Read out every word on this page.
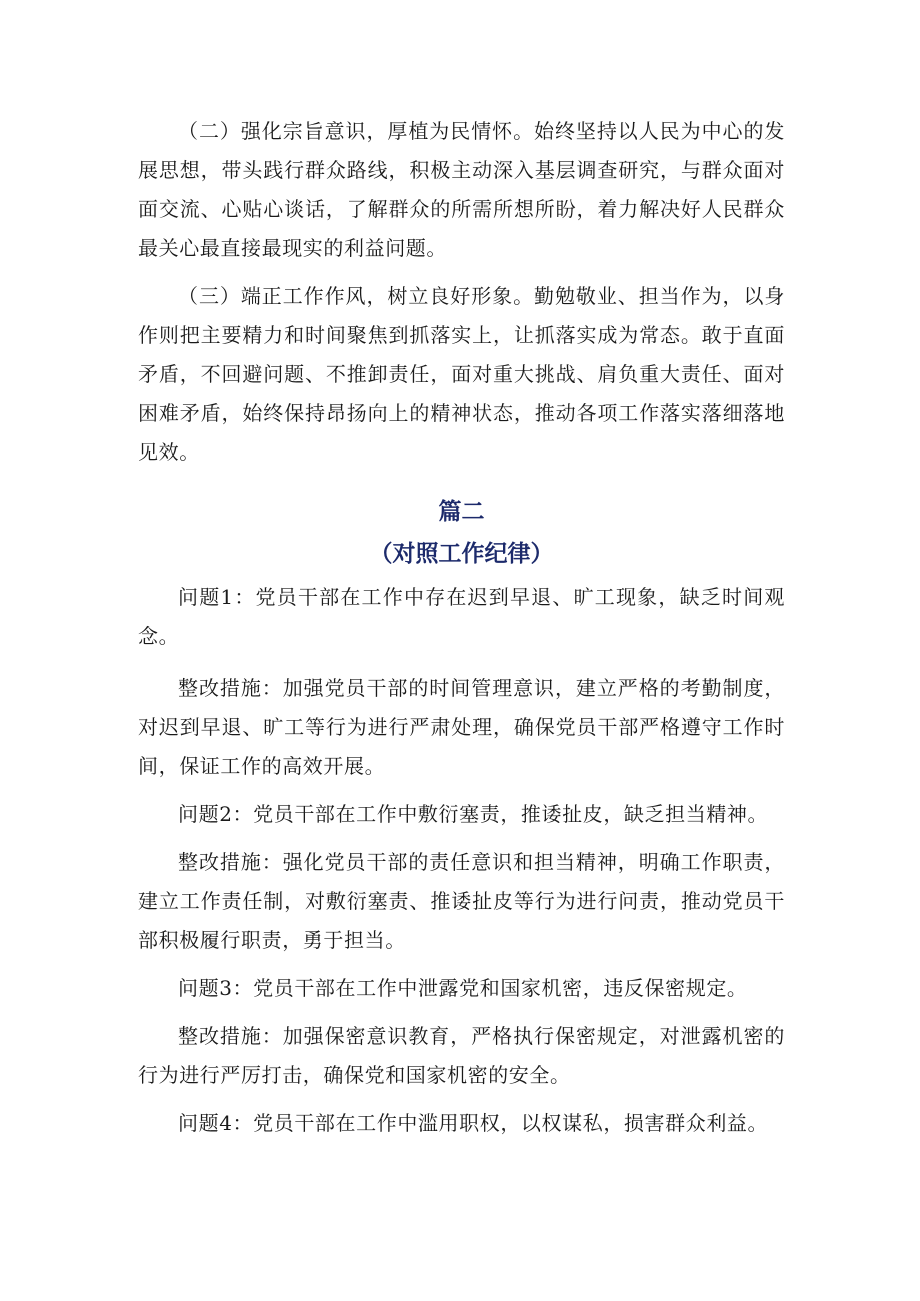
（二）强化宗旨意识，厚植为民情怀。始终坚持以人民为中心的发展思想，带头践行群众路线，积极主动深入基层调查研究，与群众面对面交流、心贴心谈话，了解群众的所需所想所盼，着力解决好人民群众最关心最直接最现实的利益问题。

（三）端正工作作风，树立良好形象。勤勉敬业、担当作为，以身作则把主要精力和时间聚焦到抓落实上，让抓落实成为常态。敢于直面矛盾，不回避问题、不推卸责任，面对重大挑战、肩负重大责任、面对困难矛盾，始终保持昂扬向上的精神状态，推动各项工作落实落细落地见效。

篇二
（对照工作纪律）

问题1：党员干部在工作中存在迟到早退、旷工现象，缺乏时间观念。

整改措施：加强党员干部的时间管理意识，建立严格的考勤制度，对迟到早退、旷工等行为进行严肃处理，确保党员干部严格遵守工作时间，保证工作的高效开展。

问题2：党员干部在工作中敷衍塞责，推诿扯皮，缺乏担当精神。

整改措施：强化党员干部的责任意识和担当精神，明确工作职责，建立工作责任制，对敷衍塞责、推诿扯皮等行为进行问责，推动党员干部积极履行职责，勇于担当。

问题3：党员干部在工作中泄露党和国家机密，违反保密规定。

整改措施：加强保密意识教育，严格执行保密规定，对泄露机密的行为进行严厉打击，确保党和国家机密的安全。

问题4：党员干部在工作中滥用职权，以权谋私，损害群众利益。
